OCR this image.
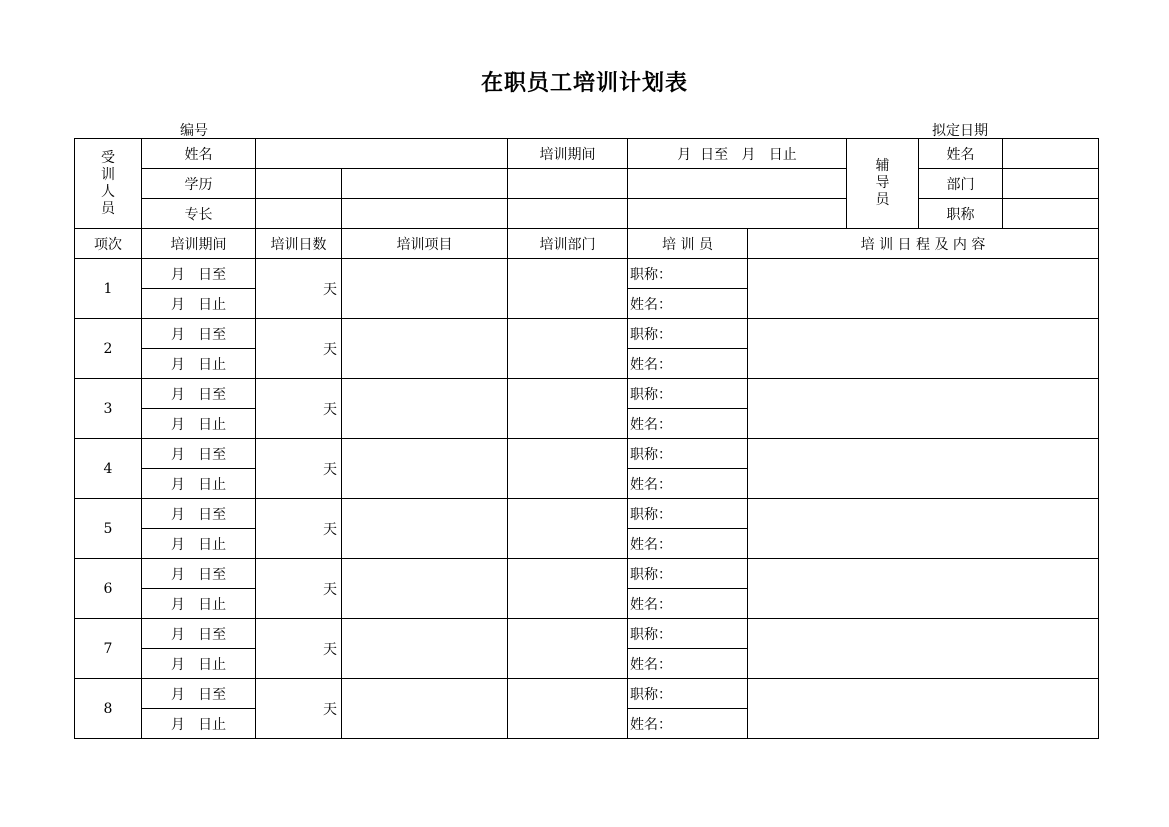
在职员工培训计划表
编号	拟定日期
受训人员	姓名			培训期间	月  日至   月   日止		辅导员	姓名	
	学历							部门	
	专长							职称	
项次	培训期间	培训日数	培训项目	培训部门	培 训 员	培 训 日 程 及 内 容			
1	月   日至	天			职称：				
	月   日止				姓名：				
2	月   日至	天			职称：				
	月   日止				姓名：				
3	月   日至	天			职称：				
	月   日止				姓名：				
4	月   日至	天			职称：				
	月   日止				姓名：				
5	月   日至	天			职称：				
	月   日止				姓名：				
6	月   日至	天			职称：				
	月   日止				姓名：				
7	月   日至	天			职称：				
	月   日止				姓名：				
8	月   日至	天			职称：				
	月   日止				姓名：				
